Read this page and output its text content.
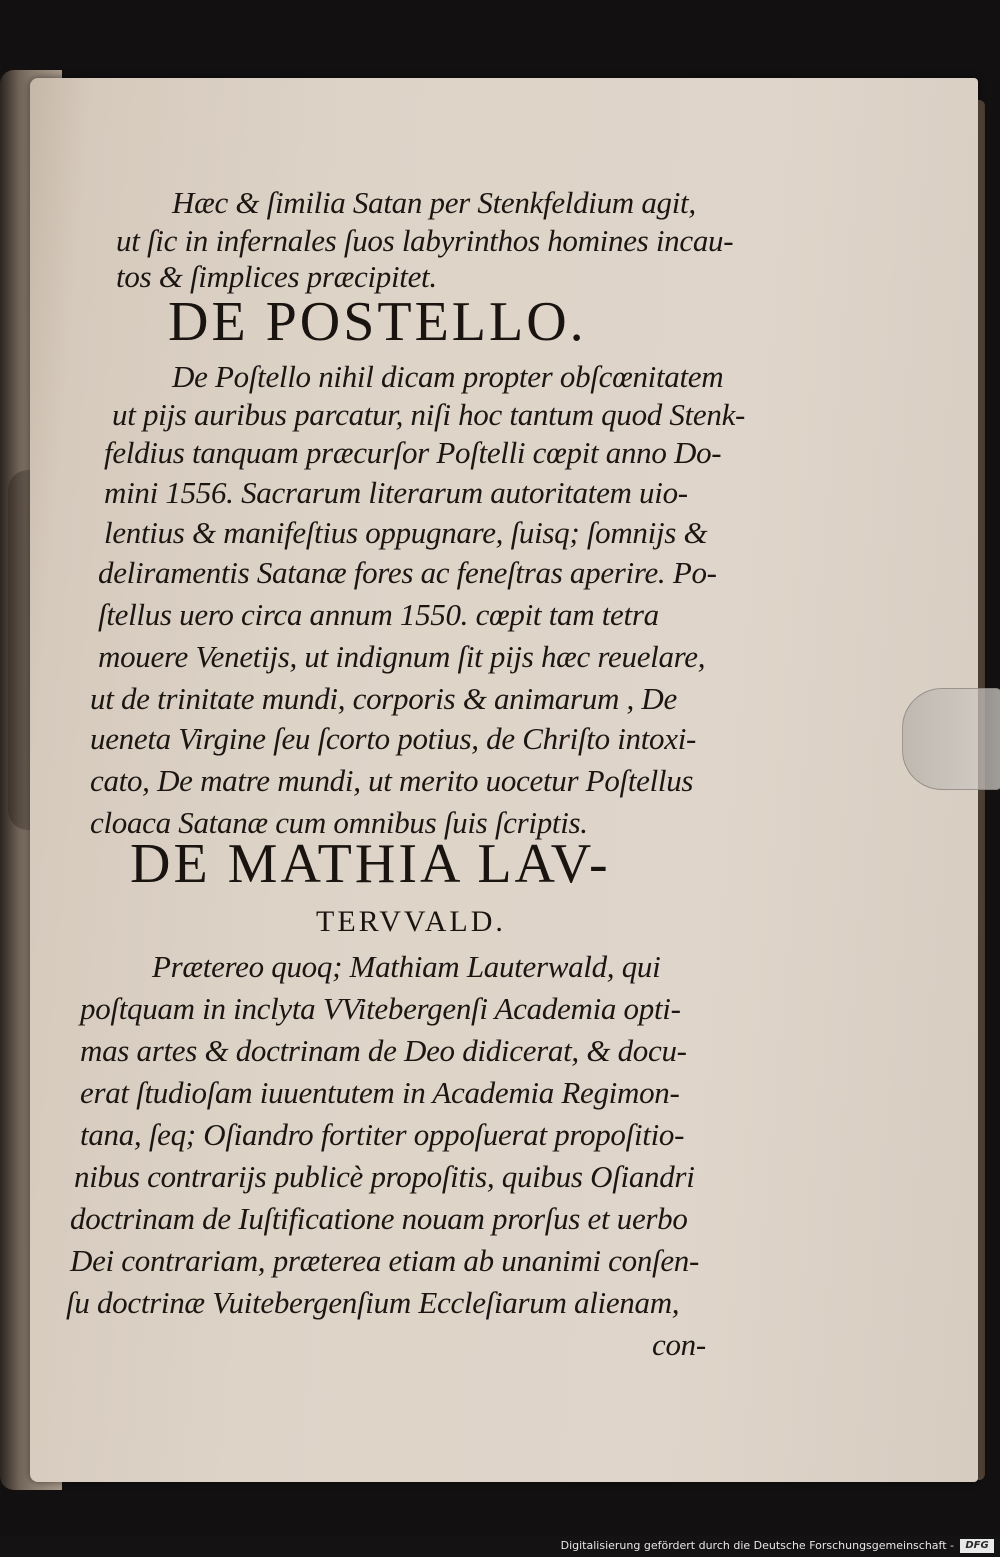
Hæc & ſimilia Satan per Stenkfeldium agit,
ut ſic in infernales ſuos labyrinthos homines incau-
tos & ſimplices præcipitet.
DE POSTELLO.
De Poſtello nihil dicam propter obſcœnitatem
ut pijs auribus parcatur, niſi hoc tantum quod Stenk-
feldius tanquam præcurſor Poſtelli cœpit anno Do-
mini 1556. Sacrarum literarum autoritatem uio-
lentius & manifeſtius oppugnare, ſuisq; ſomnijs &
deliramentis Satanæ fores ac feneſtras aperire. Po-
ſtellus uero circa annum 1550. cœpit tam tetra
mouere Venetijs, ut indignum ſit pijs hæc reuelare,
ut de trinitate mundi, corporis & animarum , De
ueneta Virgine ſeu ſcorto potius, de Chriſto intoxi-
cato, De matre mundi, ut merito uocetur Poſtellus
cloaca Satanæ cum omnibus ſuis ſcriptis.
DE MATHIA LAV-
TERVVALD.
Prætereo quoq; Mathiam Lauterwald, qui
poſtquam in inclyta VVitebergenſi Academia opti-
mas artes & doctrinam de Deo didicerat, & docu-
erat ſtudioſam iuuentutem in Academia Regimon-
tana, ſeq; Oſiandro fortiter oppoſuerat propoſitio-
nibus contrarijs publicè propoſitis, quibus Oſiandri
doctrinam de Iuſtificatione nouam prorſus et uerbo
Dei contrariam, præterea etiam ab unanimi conſen-
ſu doctrinæ Vuitebergenſium Eccleſiarum alienam,
con-
Digitalisierung gefördert durch die Deutsche Forschungsgemeinschaft -	DFG
